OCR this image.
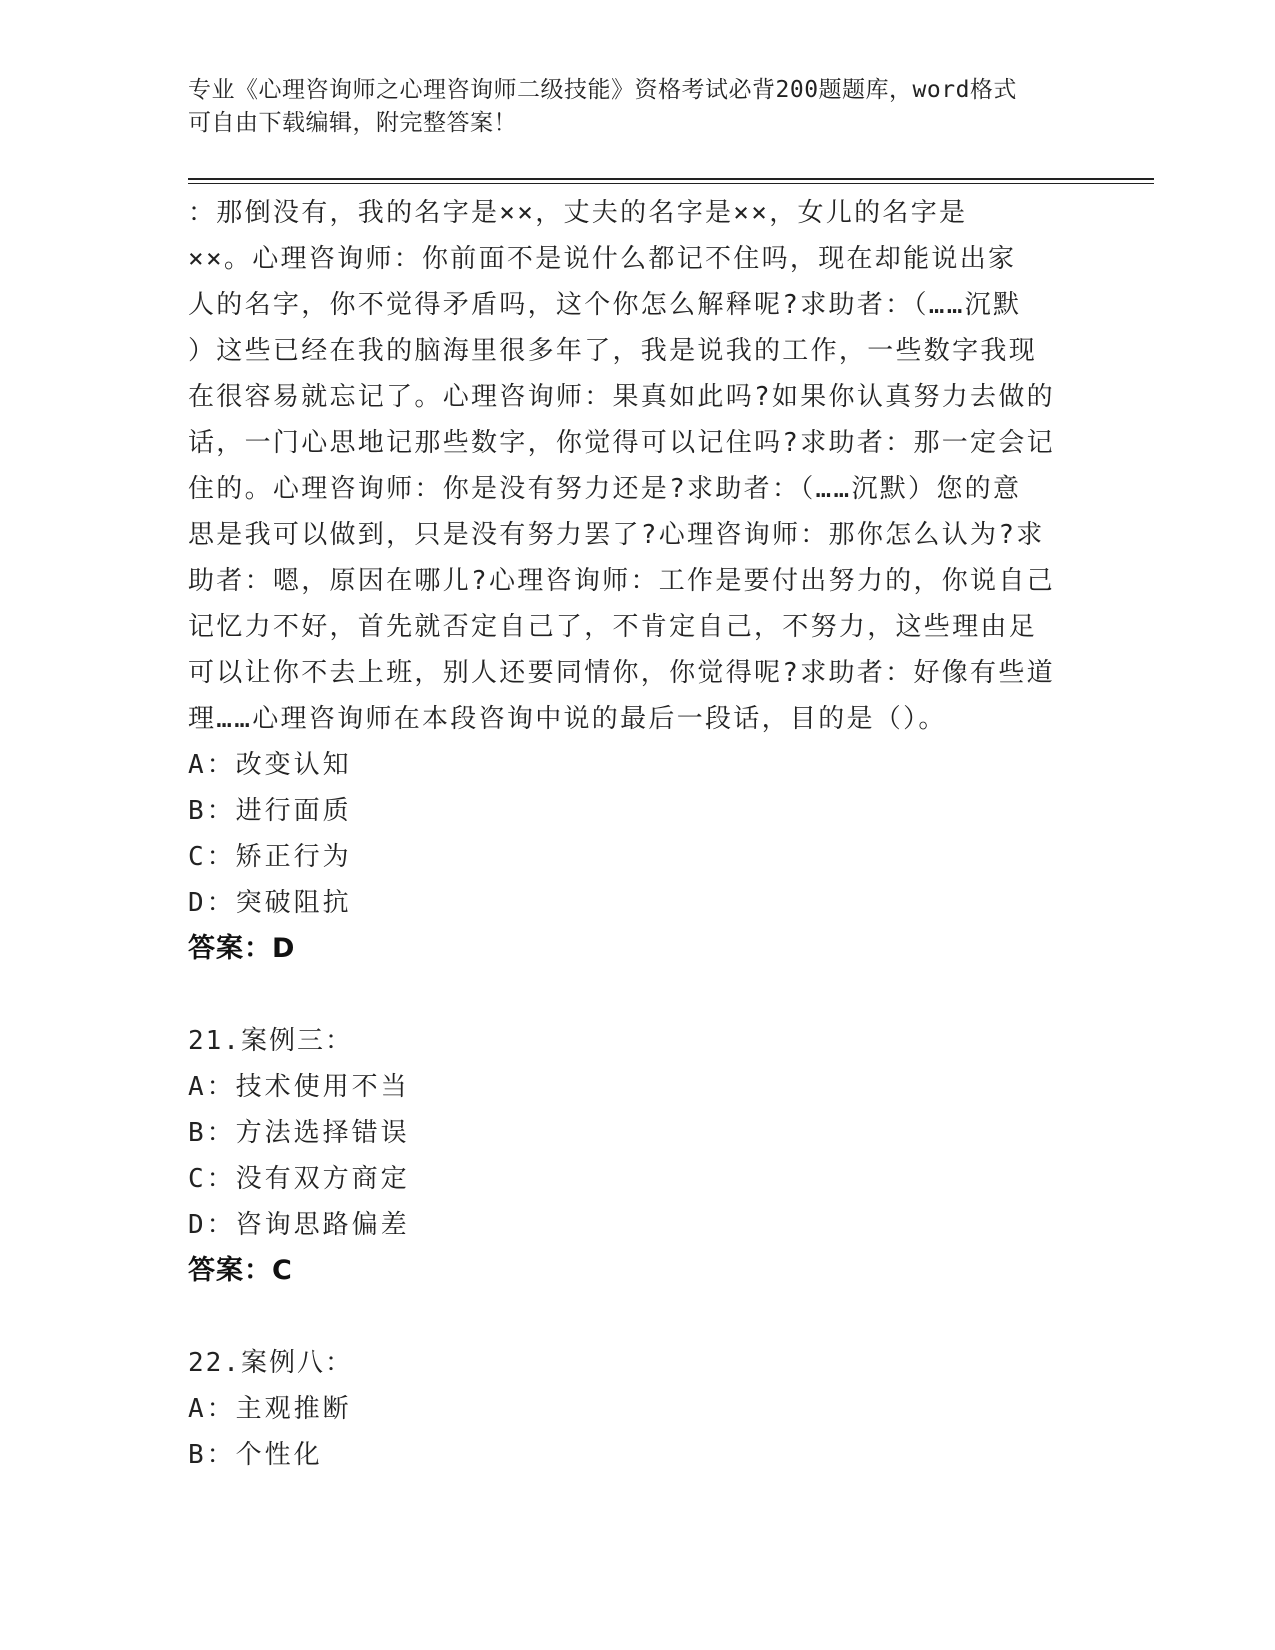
专业《心理咨询师之心理咨询师二级技能》资格考试必背200题题库，word格式
可自由下载编辑，附完整答案！
：那倒没有，我的名字是××，丈夫的名字是××，女儿的名字是
××。心理咨询师：你前面不是说什么都记不住吗，现在却能说出家
人的名字，你不觉得矛盾吗，这个你怎么解释呢?求助者：（……沉默
）这些已经在我的脑海里很多年了，我是说我的工作，一些数字我现
在很容易就忘记了。心理咨询师：果真如此吗?如果你认真努力去做的
话，一门心思地记那些数字，你觉得可以记住吗?求助者：那一定会记
住的。心理咨询师：你是没有努力还是?求助者：（……沉默）您的意
思是我可以做到，只是没有努力罢了?心理咨询师：那你怎么认为?求
助者：嗯，原因在哪儿?心理咨询师：工作是要付出努力的，你说自己
记忆力不好，首先就否定自己了，不肯定自己，不努力，这些理由足
可以让你不去上班，别人还要同情你，你觉得呢?求助者：好像有些道
理……心理咨询师在本段咨询中说的最后一段话，目的是（）。
A：改变认知
B：进行面质
C：矫正行为
D：突破阻抗
答案：D
21.案例三：
A：技术使用不当
B：方法选择错误
C：没有双方商定
D：咨询思路偏差
答案：C
22.案例八：
A：主观推断
B：个性化
